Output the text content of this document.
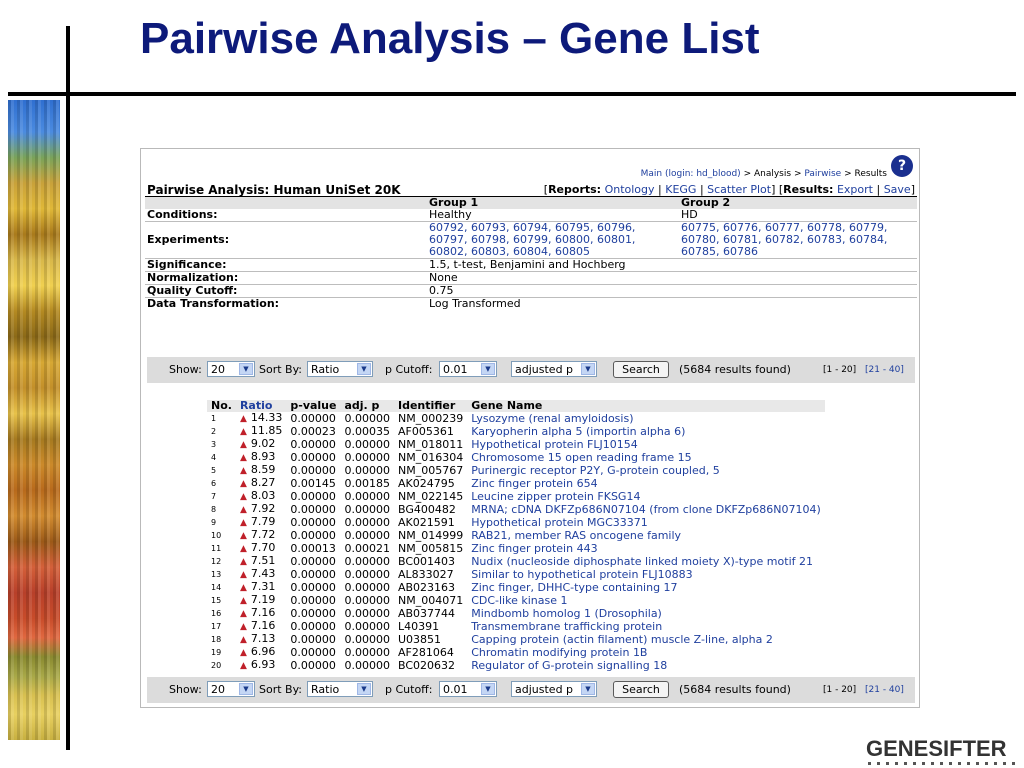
Pairwise Analysis – Gene List
Main (login: hd_blood) > Analysis > Pairwise > Results ?
Pairwise Analysis: Human UniSet 20K	[Reports: Ontology | KEGG | Scatter Plot] [Results: Export | Save]	
	Group 1	Group 2
Conditions:	Healthy	HD
Experiments:	60792, 60793, 60794, 60795, 60796, 60797, 60798, 60799, 60800, 60801, 60802, 60803, 60804, 60805	60775, 60776, 60777, 60778, 60779, 60780, 60781, 60782, 60783, 60784, 60785, 60786
Significance:	1.5, t-test, Benjamini and Hochberg	
Normalization:	None	
Quality Cutoff:	0.75	
Data Transformation:	Log Transformed	
Show: 20	▼ Sort By: Ratio	▼	p Cutoff: 0.01	▼	adjusted p	▼	Search	(5684 results found)	[1 - 20] [21 - 40]
No.	Ratio	p-value	adj. p	Identifier	Gene Name
1	▲ 14.33	0.00000	0.00000	NM_000239	Lysozyme (renal amyloidosis)
2	▲ 11.85	0.00023	0.00035	AF005361	Karyopherin alpha 5 (importin alpha 6)
3	▲ 9.02	0.00000	0.00000	NM_018011	Hypothetical protein FLJ10154
4	▲ 8.93	0.00000	0.00000	NM_016304	Chromosome 15 open reading frame 15
5	▲ 8.59	0.00000	0.00000	NM_005767	Purinergic receptor P2Y, G-protein coupled, 5
6	▲ 8.27	0.00145	0.00185	AK024795	Zinc finger protein 654
7	▲ 8.03	0.00000	0.00000	NM_022145	Leucine zipper protein FKSG14
8	▲ 7.92	0.00000	0.00000	BG400482	MRNA; cDNA DKFZp686N07104 (from clone DKFZp686N07104)
9	▲ 7.79	0.00000	0.00000	AK021591	Hypothetical protein MGC33371
10	▲ 7.72	0.00000	0.00000	NM_014999	RAB21, member RAS oncogene family
11	▲ 7.70	0.00013	0.00021	NM_005815	Zinc finger protein 443
12	▲ 7.51	0.00000	0.00000	BC001403	Nudix (nucleoside diphosphate linked moiety X)-type motif 21
13	▲ 7.43	0.00000	0.00000	AL833027	Similar to hypothetical protein FLJ10883
14	▲ 7.31	0.00000	0.00000	AB023163	Zinc finger, DHHC-type containing 17
15	▲ 7.19	0.00000	0.00000	NM_004071	CDC-like kinase 1
16	▲ 7.16	0.00000	0.00000	AB037744	Mindbomb homolog 1 (Drosophila)
17	▲ 7.16	0.00000	0.00000	L40391	Transmembrane trafficking protein
18	▲ 7.13	0.00000	0.00000	U03851	Capping protein (actin filament) muscle Z-line, alpha 2
19	▲ 6.96	0.00000	0.00000	AF281064	Chromatin modifying protein 1B
20	▲ 6.93	0.00000	0.00000	BC020632	Regulator of G-protein signalling 18
Show: 20	▼ Sort By: Ratio	▼	p Cutoff: 0.01	▼	adjusted p	▼	Search	(5684 results found)	[1 - 20] [21 - 40]
GENESIFTER
